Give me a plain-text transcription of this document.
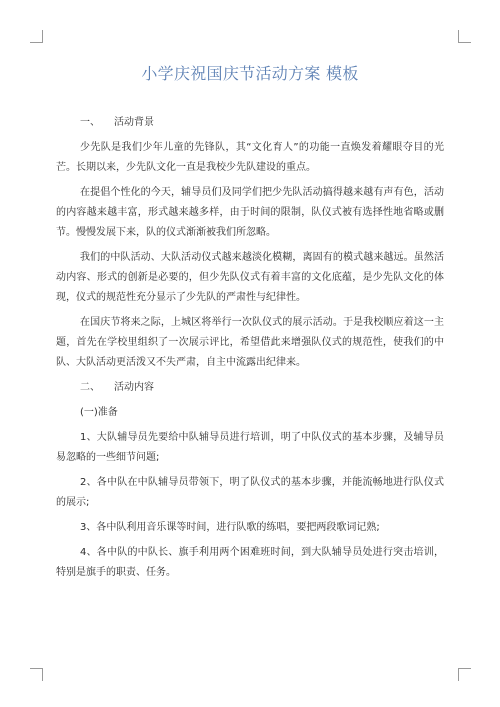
小学庆祝国庆节活动方案 模板

一、 活动背景

少先队是我们少年儿童的先锋队，其“文化育人”的功能一直焕发着耀眼夺目的光芒。长期以来，少先队文化一直是我校少先队建设的重点。

在提倡个性化的今天，辅导员们及同学们把少先队活动搞得越来越有声有色，活动的内容越来越丰富，形式越来越多样，由于时间的限制，队仪式被有选择性地省略或删节。慢慢发展下来，队的仪式渐渐被我们所忽略。

我们的中队活动、大队活动仪式越来越淡化模糊，离固有的模式越来越远。虽然活动内容、形式的创新是必要的，但少先队仪式有着丰富的文化底蕴，是少先队文化的体现，仪式的规范性充分显示了少先队的严肃性与纪律性。

在国庆节将来之际，上城区将举行一次队仪式的展示活动。于是我校顺应着这一主题，首先在学校里组织了一次展示评比，希望借此来增强队仪式的规范性，使我们的中队、大队活动更活泼又不失严肃，自主中流露出纪律来。

二、 活动内容

(一)准备

1、大队辅导员先要给中队辅导员进行培训，明了中队仪式的基本步骤，及辅导员易忽略的一些细节问题;

2、各中队在中队辅导员带领下，明了队仪式的基本步骤，并能流畅地进行队仪式的展示;

3、各中队利用音乐课等时间，进行队歌的练唱，要把两段歌词记熟;

4、各中队的中队长、旗手利用两个困难班时间，到大队辅导员处进行突击培训，特别是旗手的职责、任务。
